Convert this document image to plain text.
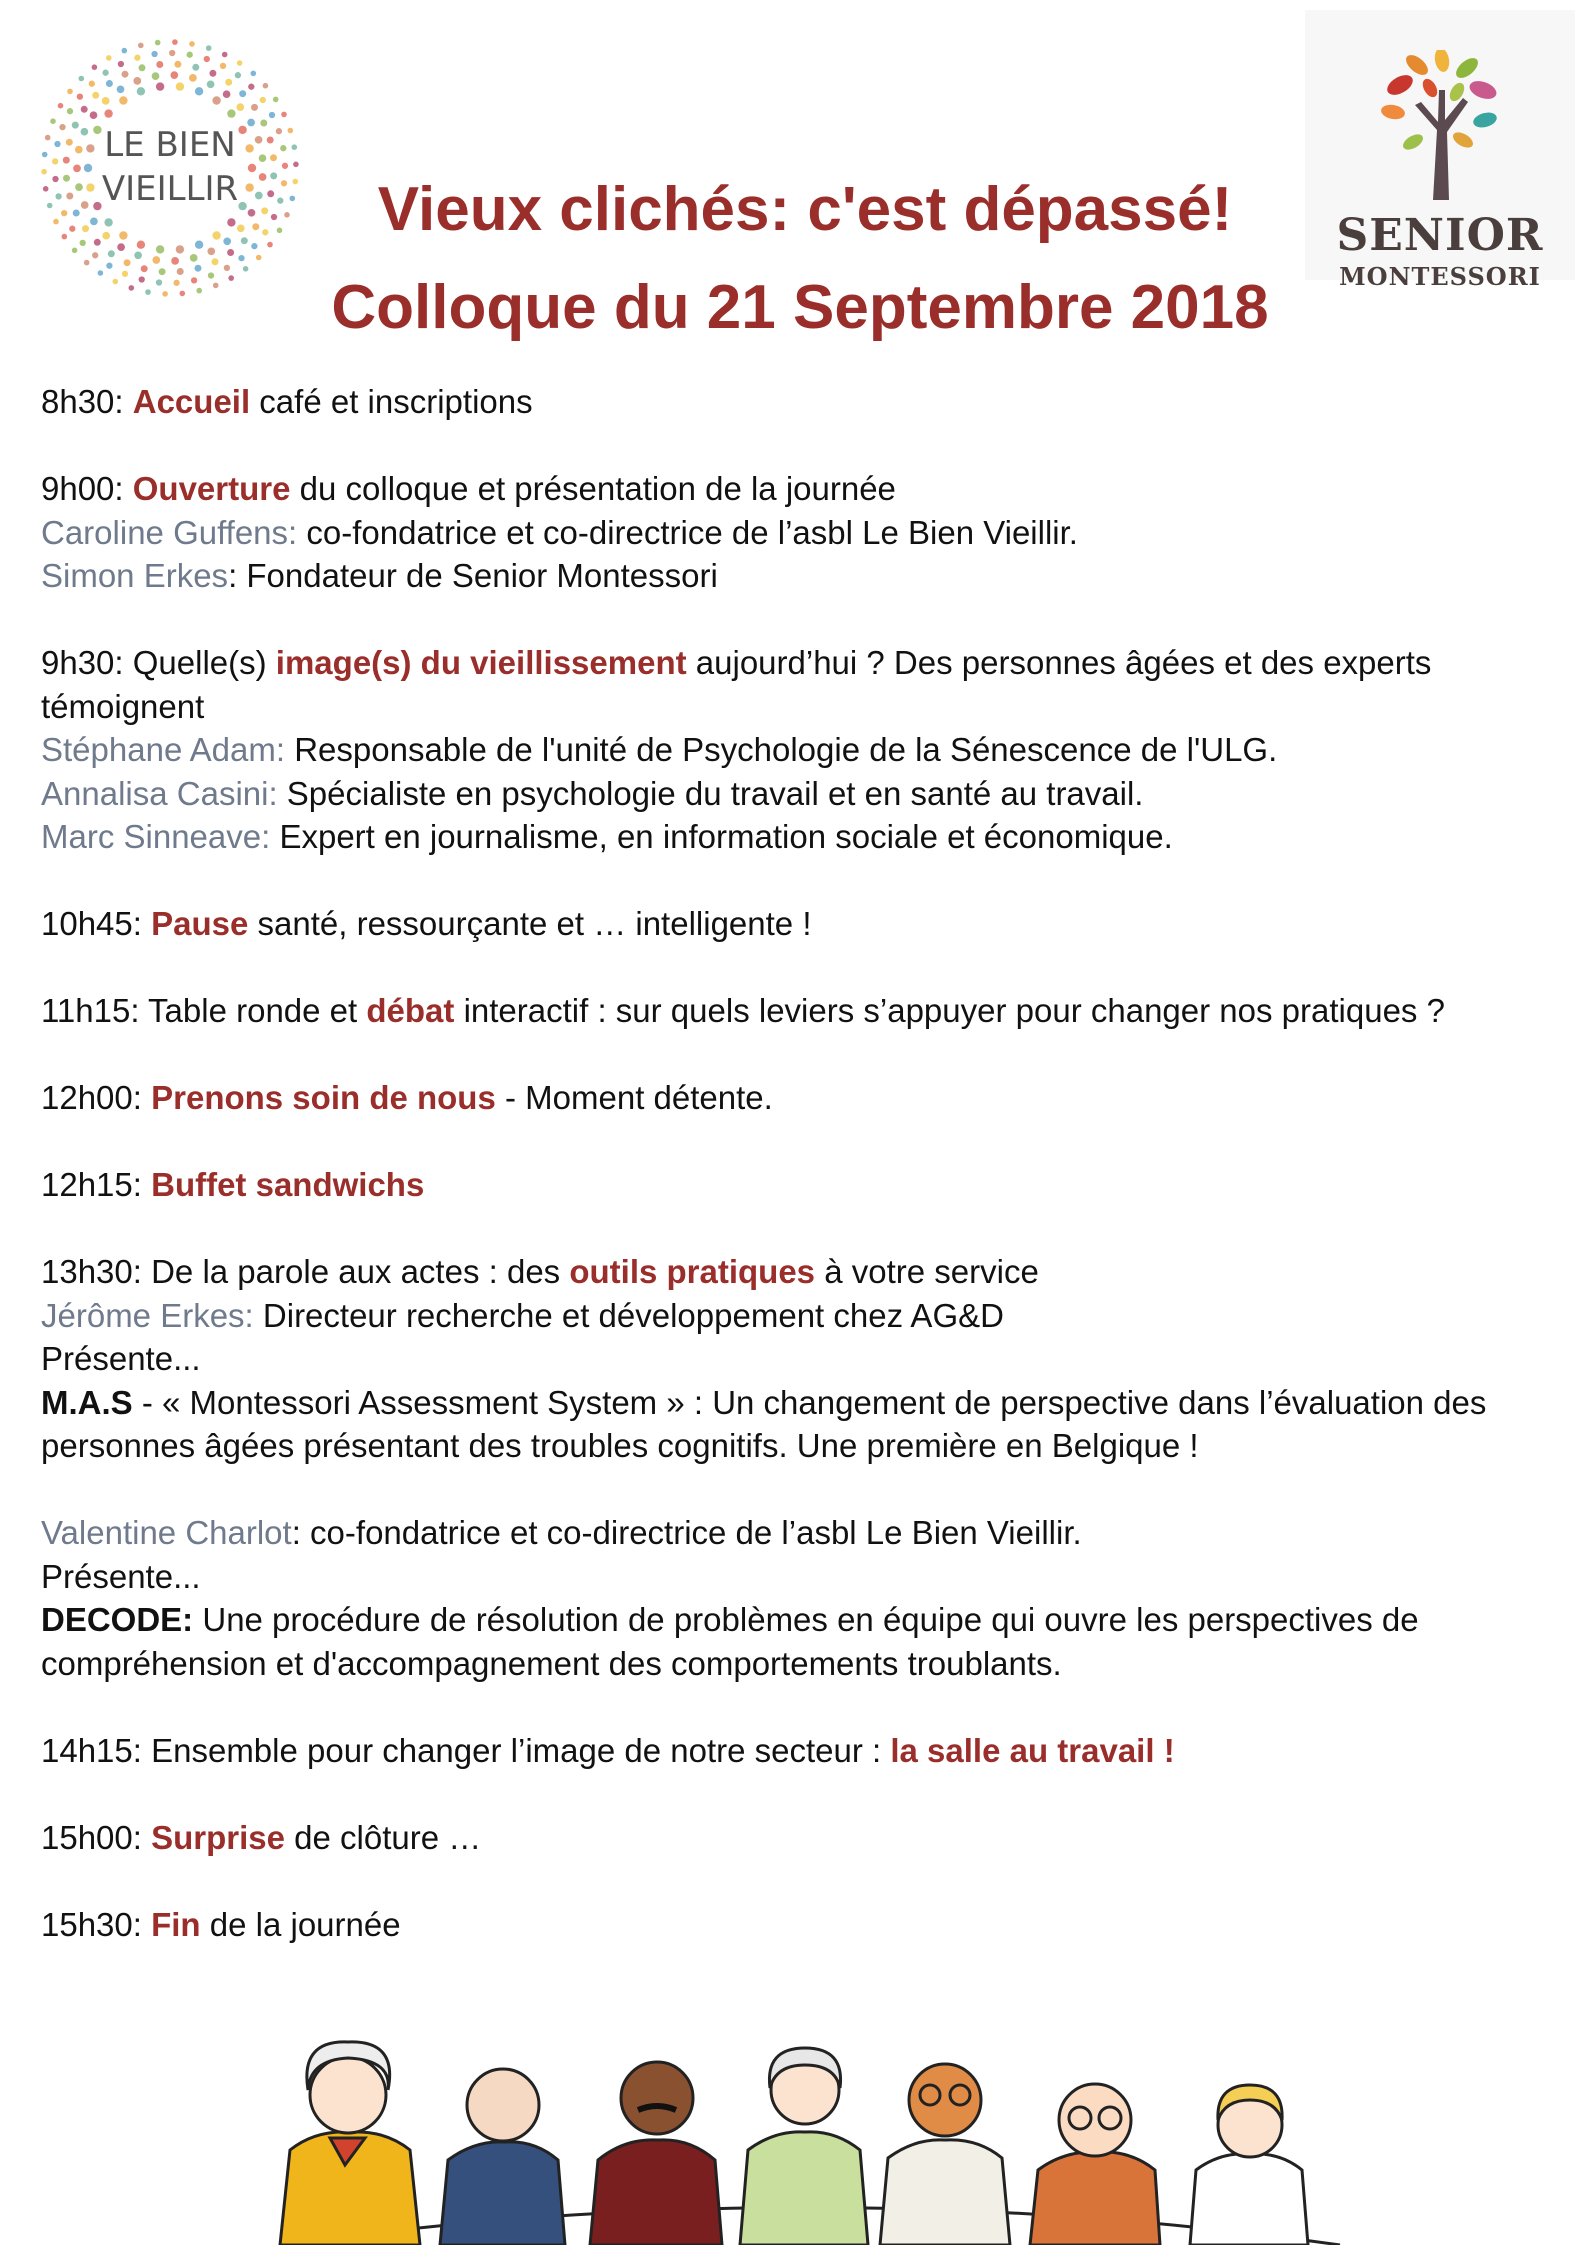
LE BIEN
VIEILLIR
SENIOR
MONTESSORI
Vieux clichés: c'est dépassé!
Colloque du 21 Septembre 2018

8h30: Accueil café et inscriptions

9h00: Ouverture du colloque et présentation de la journée

Caroline Guffens: co-fondatrice et co-directrice de l’asbl Le Bien Vieillir.

Simon Erkes: Fondateur de Senior Montessori

9h30: Quelle(s) image(s) du vieillissement aujourd’hui ? Des personnes âgées et des experts témoignent

Stéphane Adam: Responsable de l'unité de Psychologie de la Sénescence de l'ULG.

Annalisa Casini: Spécialiste en psychologie du travail et en santé au travail.

Marc Sinneave: Expert en journalisme, en information sociale et économique.

10h45: Pause santé, ressourçante et … intelligente !

11h15: Table ronde et débat interactif : sur quels leviers s’appuyer pour changer nos pratiques ?

12h00: Prenons soin de nous - Moment détente.

12h15: Buffet sandwichs

13h30: De la parole aux actes : des outils pratiques à votre service

Jérôme Erkes: Directeur recherche et développement chez AG&D

Présente...

M.A.S - « Montessori Assessment System » : Un changement de perspective dans l’évaluation des personnes âgées présentant des troubles cognitifs. Une première en Belgique !

Valentine Charlot: co-fondatrice et co-directrice de l’asbl Le Bien Vieillir.

Présente...

DECODE: Une procédure de résolution de problèmes en équipe qui ouvre les perspectives de compréhension et d'accompagnement des comportements troublants.

14h15: Ensemble pour changer l’image de notre secteur : la salle au travail !

15h00: Surprise de clôture …

15h30: Fin de la journée
